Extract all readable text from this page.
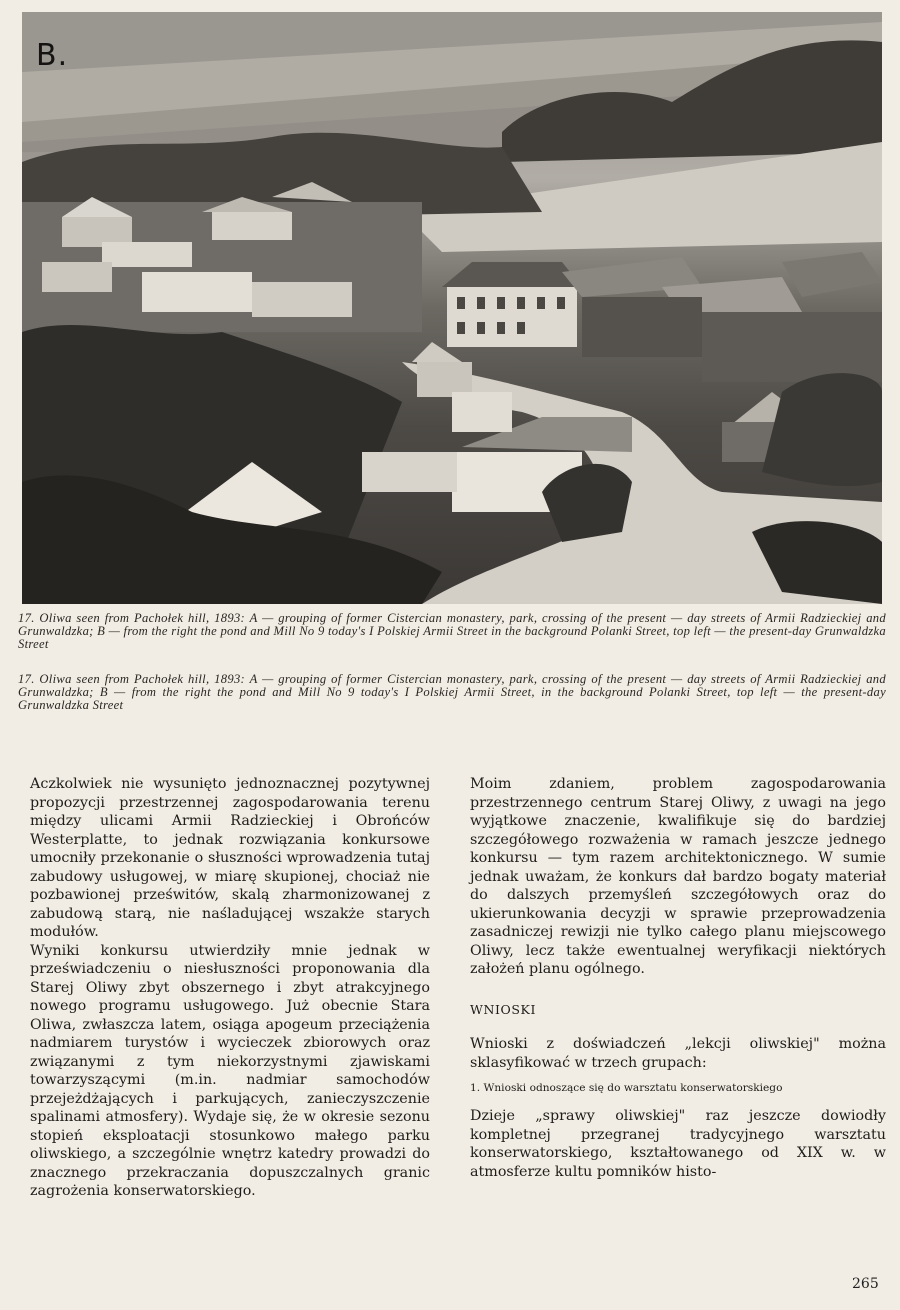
B.
17. Oliwa seen from Pachołek hill, 1893: A — grouping of former Cistercian monastery, park, crossing of the present — day streets of Armii Radzieckiej and Grunwaldzka; B — from the right the pond and Mill No 9 today's I Polskiej Armii Street in the background Polanki Street, top left — the present-day Grunwaldzka Street
17. Oliwa seen from Pachołek hill, 1893: A — grouping of former Cistercian monastery, park, crossing of the present — day streets of Armii Radzieckiej and Grunwaldzka; B — from the right the pond and Mill No 9 today's I Polskiej Armii Street, in the background Polanki Street, top left — the present-day Grunwaldzka Street

Aczkolwiek nie wysunięto jednoznacznej pozytywnej propozycji przestrzennej zagospodarowania terenu między ulicami Armii Radzieckiej i Obrońców Westerplatte, to jednak rozwiązania konkursowe umocniły przekonanie o słuszności wprowadzenia tutaj zabudowy usługowej, w miarę skupionej, chociaż nie pozbawionej prześwitów, skalą zharmonizowanej z zabudową starą, nie naśladującej wszakże starych modułów.

Wyniki konkursu utwierdziły mnie jednak w przeświadczeniu o niesłuszności proponowania dla Starej Oliwy zbyt obszernego i zbyt atrakcyjnego nowego programu usługowego. Już obecnie Stara Oliwa, zwłaszcza latem, osiąga apogeum przeciążenia nadmiarem turystów i wycieczek zbiorowych oraz związanymi z tym niekorzystnymi zjawiskami towarzyszącymi (m.in. nadmiar samochodów przejeżdżających i parkujących, zanieczyszczenie spalinami atmosfery). Wydaje się, że w okresie sezonu stopień eksploatacji stosunkowo małego parku oliwskiego, a szczególnie wnętrz katedry prowadzi do znacznego przekraczania dopuszczalnych granic zagrożenia konserwatorskiego.

Moim zdaniem, problem zagospodarowania przestrzennego centrum Starej Oliwy, z uwagi na jego wyjątkowe znaczenie, kwalifikuje się do bardziej szczegółowego rozważenia w ramach jeszcze jednego konkursu — tym razem architektonicznego. W sumie jednak uważam, że konkurs dał bardzo bogaty materiał do dalszych przemyśleń szczegółowych oraz do ukierunkowania decyzji w sprawie przeprowadzenia zasadniczej rewizji nie tylko całego planu miejscowego Oliwy, lecz także ewentualnej weryfikacji niektórych założeń planu ogólnego.

WNIOSKI

Wnioski z doświadczeń „lekcji oliwskiej" można sklasyfikować w trzech grupach:

1. Wnioski odnoszące się do warsztatu konserwatorskiego

Dzieje „sprawy oliwskiej" raz jeszcze dowiodły kompletnej przegranej tradycyjnego warsztatu konserwatorskiego, kształtowanego od XIX w. w atmosferze kultu pomników histo-

265
